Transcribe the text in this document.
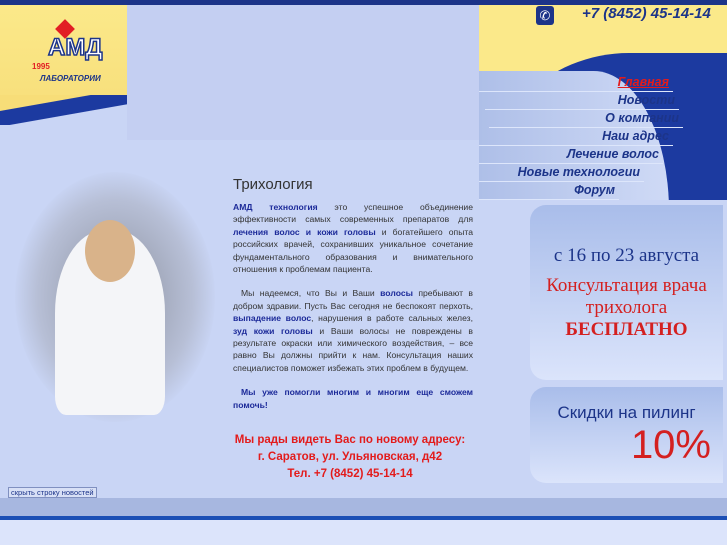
АМД
1995
ЛАБОРАТОРИИ	Главная
Новости
О компании
Наш адрес
Лечение волос
Новые технологии
Форум
✆ +7 (8452) 45-14-14
Трихология

АМД технология это успешное объединение эффективности самых современных препаратов для лечения волос и кожи головы и богатейшего опыта российских врачей, сохранивших уникальное сочетание фундаментального образования и внимательного отношения к проблемам пациента.

Мы надеемся, что Вы и Ваши волосы пребывают в добром здравии. Пусть Вас сегодня не беспокоят перхоть, выпадение волос, нарушения в работе сальных желез, зуд кожи головы и Ваши волосы не повреждены в результате окраски или химического воздействия, – все равно Вы должны прийти к нам. Консультация наших специалистов поможет избежать этих проблем в будущем.

Мы уже помогли многим и многим еще сможем помочь!

Мы рады видеть Вас по новому адресу:
г. Саратов, ул. Ульяновская, д42
Тел. +7 (8452) 45-14-14
с 16 по 23 августа
Консультация врача
трихолога
БЕСПЛАТНО
Скидки на пилинг
10%
скрыть строку новостей
